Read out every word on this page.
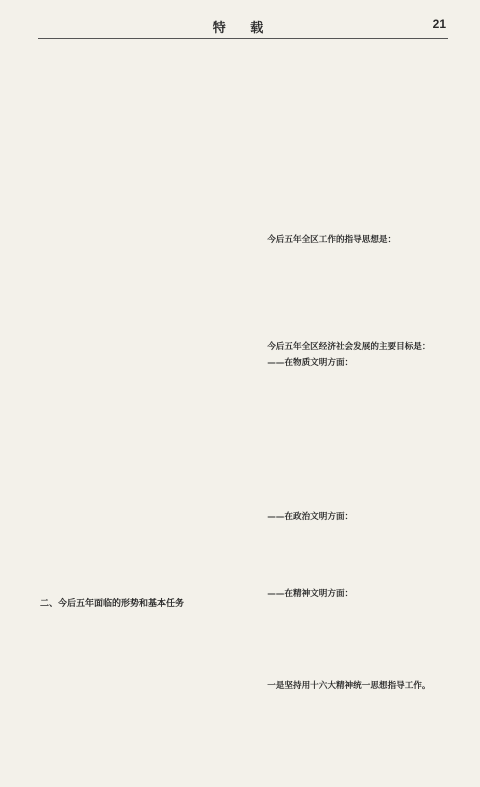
特 载	21

二、今后五年面临的形势和基本任务

今后五年全区工作的指导思想是：

今后五年全区经济社会发展的主要目标是：

——在物质文明方面：

——在政治文明方面：

——在精神文明方面：

一是坚持用十六大精神统一思想指导工作。
